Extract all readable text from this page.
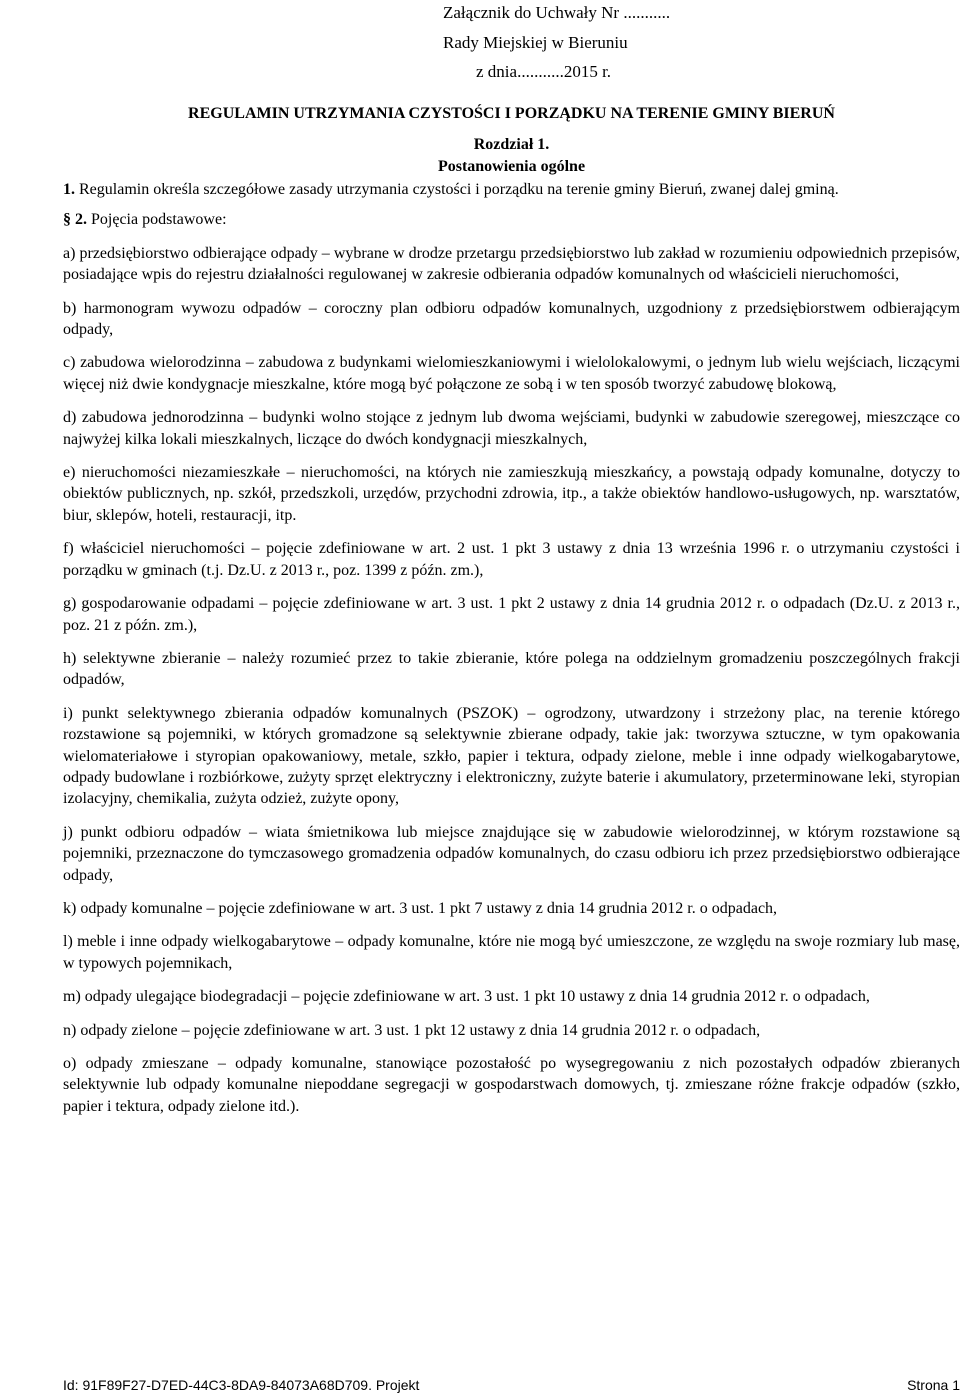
Załącznik do Uchwały Nr ...........
Rady Miejskiej w Bieruniu
z dnia...........2015 r.
REGULAMIN UTRZYMANIA CZYSTOŚCI I PORZĄDKU NA TERENIE GMINY BIERUŃ
Rozdział 1.
Postanowienia ogólne

1. Regulamin określa szczegółowe zasady utrzymania czystości i porządku na terenie gminy Bieruń, zwanej dalej gminą.

§ 2. Pojęcia podstawowe:

a) przedsiębiorstwo odbierające odpady – wybrane w drodze przetargu przedsiębiorstwo lub zakład w rozumieniu odpowiednich przepisów, posiadające wpis do rejestru działalności regulowanej w zakresie odbierania odpadów komunalnych od właścicieli nieruchomości,

b) harmonogram wywozu odpadów – coroczny plan odbioru odpadów komunalnych, uzgodniony z przedsiębiorstwem odbierającym odpady,

c) zabudowa wielorodzinna – zabudowa z budynkami wielomieszkaniowymi i wielolokalowymi, o jednym lub wielu wejściach, liczącymi więcej niż dwie kondygnacje mieszkalne, które mogą być połączone ze sobą i w ten sposób tworzyć zabudowę blokową,

d) zabudowa jednorodzinna – budynki wolno stojące z jednym lub dwoma wejściami, budynki w zabudowie szeregowej, mieszczące co najwyżej kilka lokali mieszkalnych, liczące do dwóch kondygnacji mieszkalnych,

e) nieruchomości niezamieszkałe – nieruchomości, na których nie zamieszkują mieszkańcy, a powstają odpady komunalne, dotyczy to obiektów publicznych, np. szkół, przedszkoli, urzędów, przychodni zdrowia, itp., a także obiektów handlowo-usługowych, np. warsztatów, biur, sklepów, hoteli, restauracji, itp.

f) właściciel nieruchomości – pojęcie zdefiniowane w art. 2 ust. 1 pkt 3 ustawy z dnia 13 września 1996 r. o utrzymaniu czystości i porządku w gminach (t.j. Dz.U. z 2013 r., poz. 1399 z późn. zm.),

g) gospodarowanie odpadami – pojęcie zdefiniowane w art. 3 ust. 1 pkt 2 ustawy z dnia 14 grudnia 2012 r. o odpadach (Dz.U. z 2013 r., poz. 21 z późn. zm.),

h) selektywne zbieranie – należy rozumieć przez to takie zbieranie, które polega na oddzielnym gromadzeniu poszczególnych frakcji odpadów,

i) punkt selektywnego zbierania odpadów komunalnych (PSZOK) – ogrodzony, utwardzony i strzeżony plac, na terenie którego rozstawione są pojemniki, w których gromadzone są selektywnie zbierane odpady, takie jak: tworzywa sztuczne, w tym opakowania wielomateriałowe i styropian opakowaniowy, metale, szkło, papier i tektura, odpady zielone, meble i inne odpady wielkogabarytowe, odpady budowlane i rozbiórkowe, zużyty sprzęt elektryczny i elektroniczny, zużyte baterie i akumulatory, przeterminowane leki, styropian izolacyjny, chemikalia, zużyta odzież, zużyte opony,

j) punkt odbioru odpadów – wiata śmietnikowa lub miejsce znajdujące się w zabudowie wielorodzinnej, w którym rozstawione są pojemniki, przeznaczone do tymczasowego gromadzenia odpadów komunalnych, do czasu odbioru ich przez przedsiębiorstwo odbierające odpady,

k) odpady komunalne – pojęcie zdefiniowane w art. 3 ust. 1 pkt 7 ustawy z dnia 14 grudnia 2012 r. o odpadach,

l) meble i inne odpady wielkogabarytowe – odpady komunalne, które nie mogą być umieszczone, ze względu na swoje rozmiary lub masę, w typowych pojemnikach,

m) odpady ulegające biodegradacji – pojęcie zdefiniowane w art. 3 ust. 1 pkt 10 ustawy z dnia 14 grudnia 2012 r. o odpadach,

n) odpady zielone – pojęcie zdefiniowane w art. 3 ust. 1 pkt 12 ustawy z dnia 14 grudnia 2012 r. o odpadach,

o) odpady zmieszane – odpady komunalne, stanowiące pozostałość po wysegregowaniu z nich pozostałych odpadów zbieranych selektywnie lub odpady komunalne niepoddane segregacji w gospodarstwach domowych, tj. zmieszane różne frakcje odpadów (szkło, papier i tektura, odpady zielone itd.).

Id: 91F89F27-D7ED-44C3-8DA9-84073A68D709. Projekt	Strona 1
